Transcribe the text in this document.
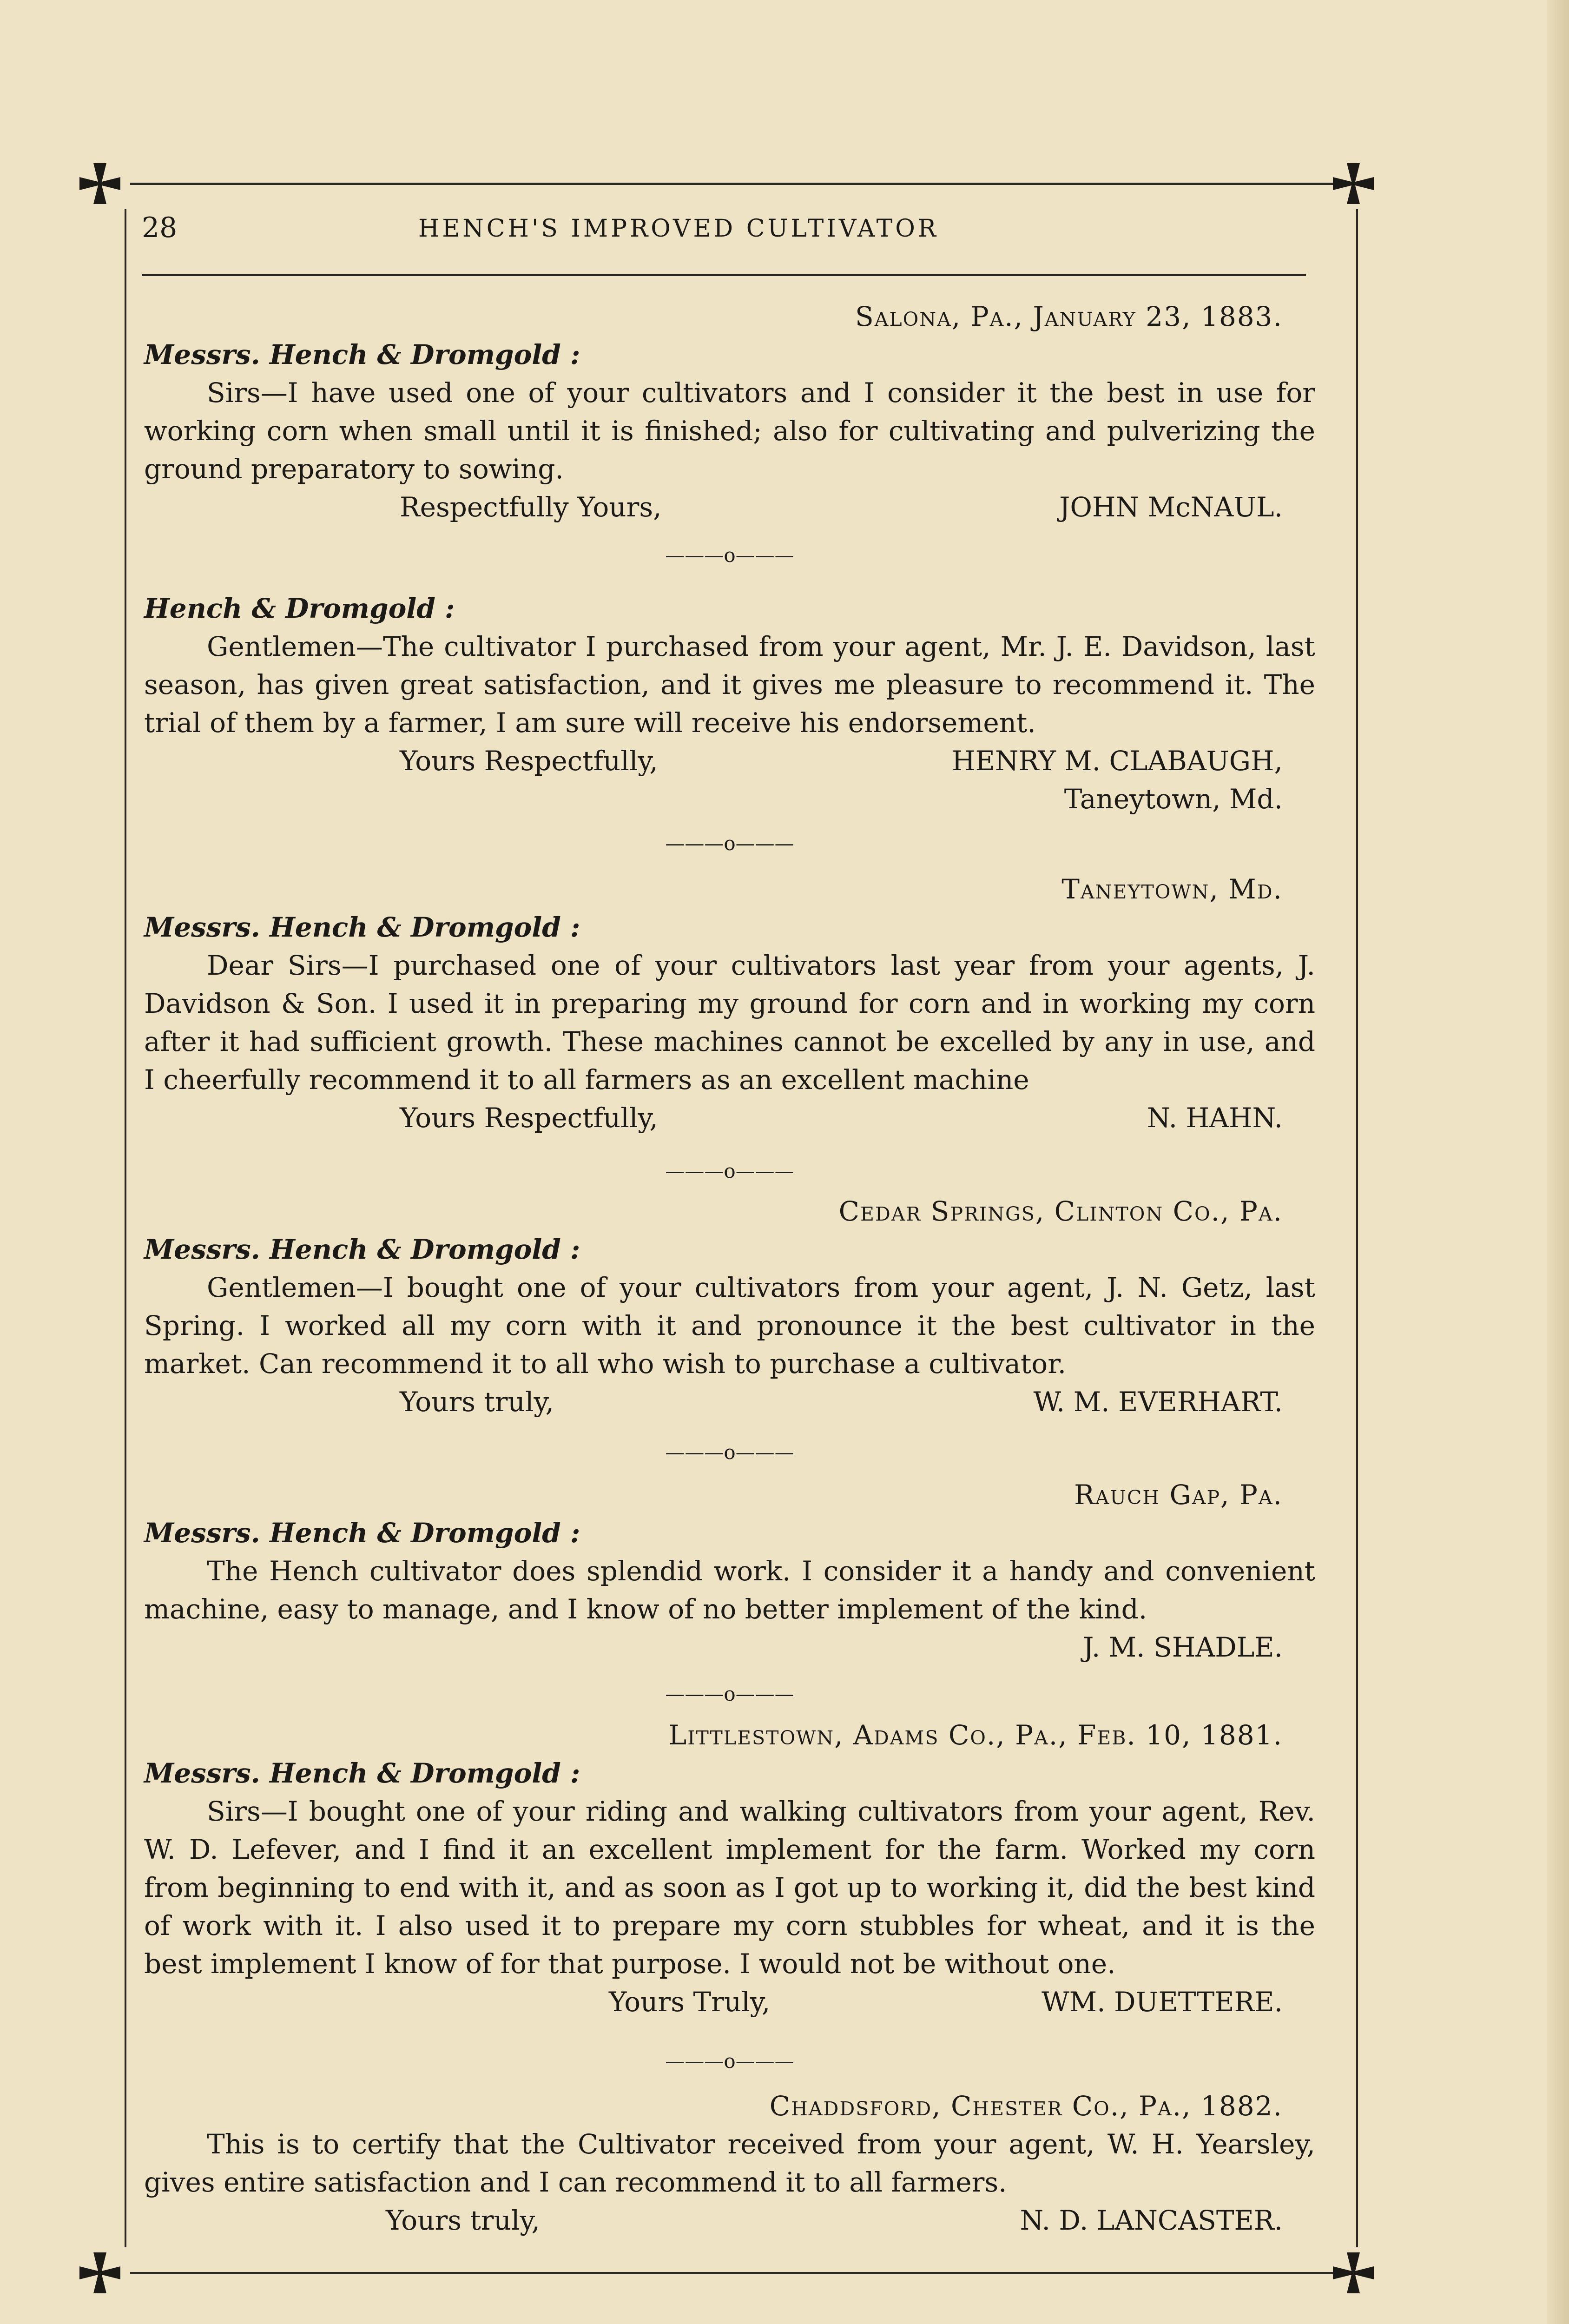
28	HENCH'S IMPROVED CULTIVATOR
Salona, Pa., January 23, 1883.

Messrs. Hench & Dromgold :

Sirs—I have used one of your cultivators and I consider it the best in use for working corn when small until it is finished; also for cultivating and pulverizing the ground preparatory to sowing.

Respectfully Yours,	JOHN McNAUL.
———o———

Hench & Dromgold :

Gentlemen—The cultivator I purchased from your agent, Mr. J. E. Davidson, last season, has given great satisfaction, and it gives me pleasure to recommend it. The trial of them by a farmer, I am sure will receive his endorsement.

Yours Respectfully,	HENRY M. CLABAUGH,
Taneytown, Md.
———o———
Taneytown, Md.

Messrs. Hench & Dromgold :

Dear Sirs—I purchased one of your cultivators last year from your agents, J. Davidson & Son. I used it in preparing my ground for corn and in working my corn after it had sufficient growth. These machines cannot be excelled by any in use, and I cheerfully recommend it to all farmers as an excellent machine

Yours Respectfully,	N. HAHN.
———o———
Cedar Springs, Clinton Co., Pa.

Messrs. Hench & Dromgold :

Gentlemen—I bought one of your cultivators from your agent, J. N. Getz, last Spring. I worked all my corn with it and pronounce it the best cultivator in the market. Can recommend it to all who wish to purchase a cultivator.

Yours truly,	W. M. EVERHART.
———o———
Rauch Gap, Pa.

Messrs. Hench & Dromgold :

The Hench cultivator does splendid work. I consider it a handy and convenient machine, easy to manage, and I know of no better implement of the kind.

J. M. SHADLE.
———o———
Littlestown, Adams Co., Pa., Feb. 10, 1881.

Messrs. Hench & Dromgold :

Sirs—I bought one of your riding and walking cultivators from your agent, Rev. W. D. Lefever, and I find it an excellent implement for the farm. Worked my corn from beginning to end with it, and as soon as I got up to working it, did the best kind of work with it. I also used it to prepare my corn stubbles for wheat, and it is the best implement I know of for that purpose. I would not be without one.

Yours Truly,	WM. DUETTERE.
———o———
Chaddsford, Chester Co., Pa., 1882.

This is to certify that the Cultivator received from your agent, W. H. Yearsley, gives entire satisfaction and I can recommend it to all farmers.

Yours truly,	N. D. LANCASTER.
